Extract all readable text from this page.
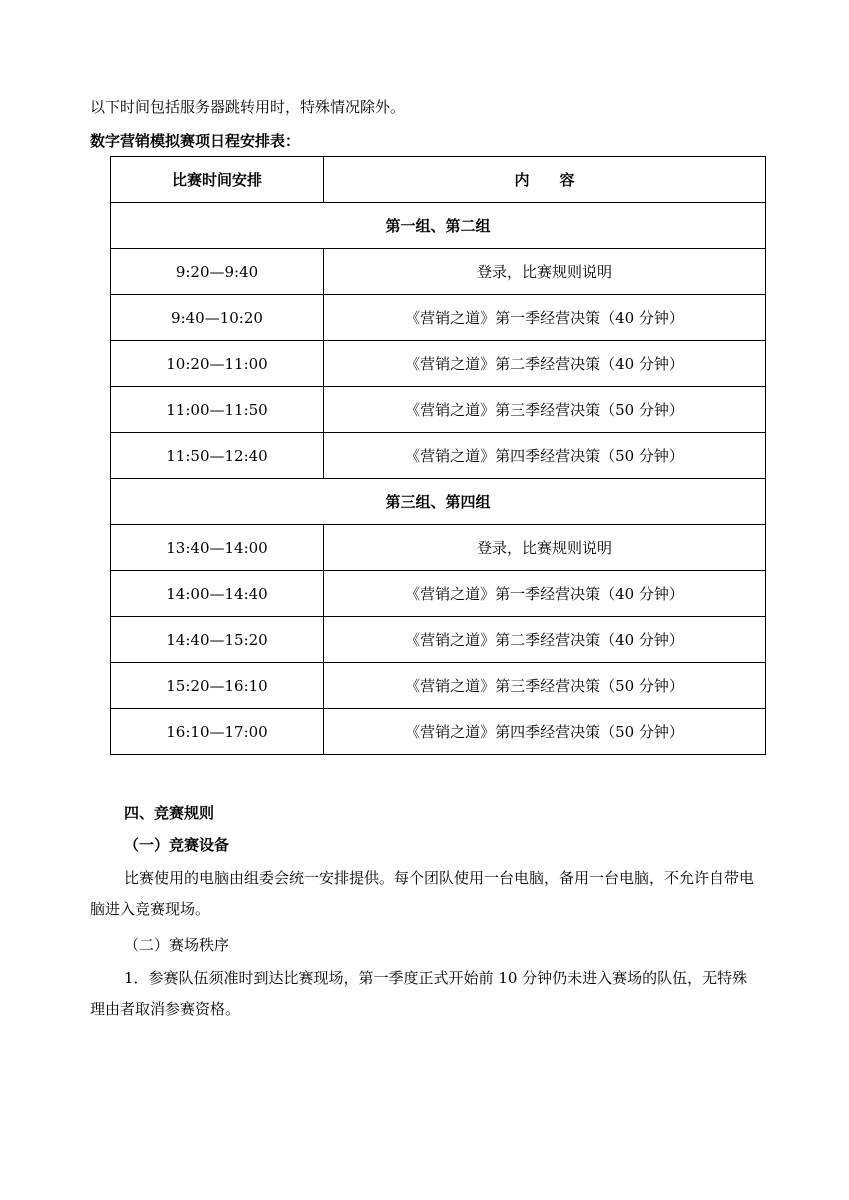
以下时间包括服务器跳转用时，特殊情况除外。
数字营销模拟赛项日程安排表：
比赛时间安排	内　　容
第一组、第二组	
9:20—9:40	登录，比赛规则说明
9:40—10:20	《营销之道》第一季经营决策（40 分钟）
10:20—11:00	《营销之道》第二季经营决策（40 分钟）
11:00—11:50	《营销之道》第三季经营决策（50 分钟）
11:50—12:40	《营销之道》第四季经营决策（50 分钟）
第三组、第四组	
13:40—14:00	登录，比赛规则说明
14:00—14:40	《营销之道》第一季经营决策（40 分钟）
14:40—15:20	《营销之道》第二季经营决策（40 分钟）
15:20—16:10	《营销之道》第三季经营决策（50 分钟）
16:10—17:00	《营销之道》第四季经营决策（50 分钟）
四、竞赛规则
（一）竞赛设备
比赛使用的电脑由组委会统一安排提供。每个团队使用一台电脑，备用一台电脑，不允许自带电脑进入竞赛现场。
（二）赛场秩序
1．参赛队伍须准时到达比赛现场，第一季度正式开始前 10 分钟仍未进入赛场的队伍，无特殊理由者取消参赛资格。
